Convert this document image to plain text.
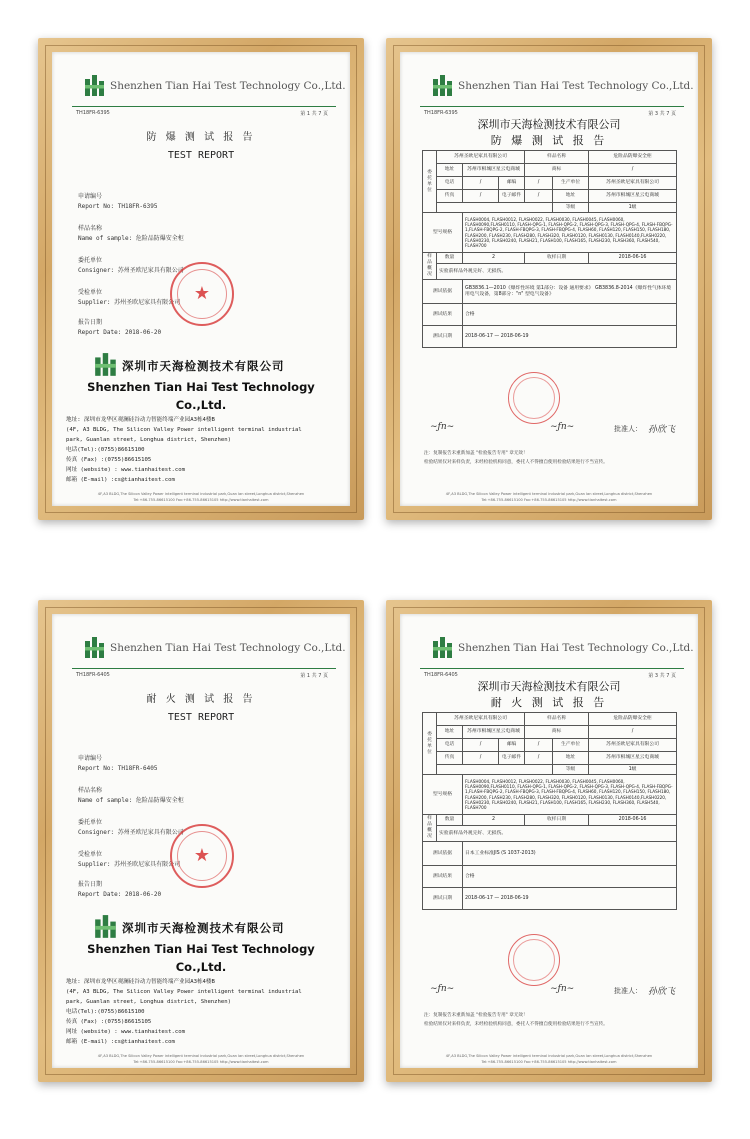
Shenzhen Tian Hai Test Technology Co.,Ltd.
TH18FR-6395	第 1 共 7 页
防 爆 测 试 报 告
TEST REPORT
申请编号
Report No: TH18FR-6395
样品名称
Name of sample: 危险品防爆安全柜
委托单位
Consigner: 苏州圣欧尼家具有限公司
受检单位
Supplier: 苏州圣欧尼家具有限公司
报告日期
Report Date: 2018-06-20
★
深圳市天海检测技术有限公司
Shenzhen Tian Hai Test Technology
Co.,Ltd.
地址: 深圳市龙华区观澜硅谷动力智能终端产业园A3栋4楼B
(4F, A3 BLDG, The Silicon Valley Power intelligent terminal industrial
park, Guanlan street, Longhua district, Shenzhen)
电话(Tel):(0755)86615100
传真 (Fax) :(0755)86615105
网址 (website) : www.tianhaitest.com
邮箱 (E-mail) :cs@tianhaitest.com
4F,A3 BLDG,The Silicon Valley Power intelligent terminal industrial park,Guan lan street,Longhua district,Shenzhen
Tel:+86-755-86615100 Fax:+86-755-86615105 http://www.tianhaitest.com
Shenzhen Tian Hai Test Technology Co.,Ltd.
TH18FR-6395	第 3 共 7 页
深圳市天海检测技术有限公司
防 爆 测 试 报 告
委托单位	苏州圣欧尼家具有限公司			样品名称		危险品防爆安全柜
	地址	苏州市相城区星云电商城		商标		/
	电话	/	邮编	/	生产单位	苏州圣欧尼家具有限公司
	传真	/	电子邮件	/	地址	苏州市相城区星云电商城
					等级	1级
型号规格		FLASH0004, FLASH0012, FLASH0022, FLASH0030, FLASH0045, FLASH0060, FLASH0090,FLASH0110, FLASH-QPG-1, FLASH-QPG-2, FLASH-QPG-3, FLASH-QPG-4, FLASH-FBQPG-1,FLASH-FBQPG-2, FLASH-FBQPG-3, FLASH-FBQPG-4, FLASH60, FLASH120, FLASH150, FLASH180, FLASH200, FLASH230, FLASH280, FLASH320, FLASH0120, FLASH0130, FLASH0140,FLASH0220, FLASH0230, FLASH0240, FLASH21, FLASH100, FLASH165, FLASH230, FLASH360, FLASH540, FLASH700				
样品概况	数量	2		收样日期		2018-06-16
	实验前样品外观完好、无损伤。					
测试依据		GB3836.1—2010《爆炸性环境 第1部分：设备 通用要求》 GB3836.8-2014《爆炸性气体环境用电气设备，第8部分："n" 型电气设备》				
测试结果		合格				
测试日期		2018-06-17 — 2018-06-19				
∼ƒn∼	∼ƒn∼	批准人： 孙欣飞
注：复制报告未重新加盖 "检验报告专用" 章无效！
检验结果仅对来样负责，未经检验机构同意，委托人不得擅自使用检验结果进行不当宣传。
4F,A3 BLDG,The Silicon Valley Power intelligent terminal industrial park,Guan lan street,Longhua district,Shenzhen
Tel:+86-755-86615100 Fax:+86-755-86615105 http://www.tianhaitest.com
Shenzhen Tian Hai Test Technology Co.,Ltd.
TH18FR-6405	第 1 共 7 页
耐 火 测 试 报 告
TEST REPORT
申请编号
Report No: TH18FR-6405
样品名称
Name of sample: 危险品防爆安全柜
委托单位
Consigner: 苏州圣欧尼家具有限公司
受检单位
Supplier: 苏州圣欧尼家具有限公司
报告日期
Report Date: 2018-06-20
★
深圳市天海检测技术有限公司
Shenzhen Tian Hai Test Technology
Co.,Ltd.
地址: 深圳市龙华区观澜硅谷动力智能终端产业园A3栋4楼B
(4F, A3 BLDG, The Silicon Valley Power intelligent terminal industrial
park, Guanlan street, Longhua district, Shenzhen)
电话(Tel):(0755)86615100
传真 (Fax) :(0755)86615105
网址 (website) : www.tianhaitest.com
邮箱 (E-mail) :cs@tianhaitest.com
4F,A3 BLDG,The Silicon Valley Power intelligent terminal industrial park,Guan lan street,Longhua district,Shenzhen
Tel:+86-755-86615100 Fax:+86-755-86615105 http://www.tianhaitest.com
Shenzhen Tian Hai Test Technology Co.,Ltd.
TH18FR-6405	第 3 共 7 页
深圳市天海检测技术有限公司
耐 火 测 试 报 告
委托单位	苏州圣欧尼家具有限公司			样品名称		危险品防爆安全柜
	地址	苏州市相城区星云电商城		商标		/
	电话	/	邮编	/	生产单位	苏州圣欧尼家具有限公司
	传真	/	电子邮件	/	地址	苏州市相城区星云电商城
					等级	1级
型号规格		FLASH0004, FLASH0012, FLASH0022, FLASH0030, FLASH0045, FLASH0060, FLASH0090,FLASH0110, FLASH-QPG-1, FLASH-QPG-2, FLASH-QPG-3, FLASH-QPG-4, FLASH-FBQPG-1,FLASH-FBQPG-2, FLASH-FBQPG-3, FLASH-FBQPG-4, FLASH60, FLASH120, FLASH150, FLASH180, FLASH200, FLASH230, FLASH280, FLASH320, FLASH0120, FLASH0130, FLASH0140,FLASH0220, FLASH0230, FLASH0240, FLASH21, FLASH100, FLASH165, FLASH230, FLASH360, FLASH540, FLASH700				
样品概况	数量	2		收样日期		2018-06-16
	实验前样品外观完好、无损伤。					
测试依据		日本工业标准JIS (S 1037-2013)				
测试结果		合格				
测试日期		2018-06-17 — 2018-06-19				
∼ƒn∼	∼ƒn∼	批准人： 孙欣飞
注：复制报告未重新加盖 "检验报告专用" 章无效！
检验结果仅对来样负责，未经检验机构同意，委托人不得擅自使用检验结果进行不当宣传。
4F,A3 BLDG,The Silicon Valley Power intelligent terminal industrial park,Guan lan street,Longhua district,Shenzhen
Tel:+86-755-86615100 Fax:+86-755-86615105 http://www.tianhaitest.com
